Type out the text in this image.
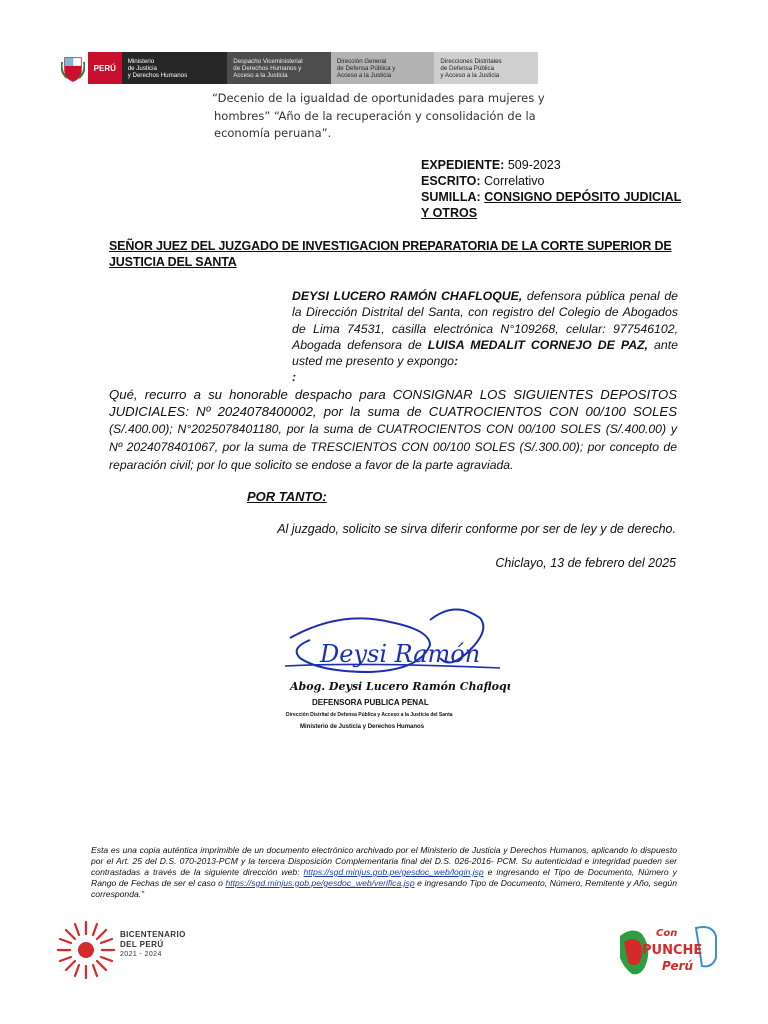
PERÚ
Ministerio
de Justicia
y Derechos Humanos
Despacho Viceministerial
de Derechos Humanos y
Acceso a la Justicia
Dirección General
de Defensa Pública y
Acceso a la Justicia
Direcciones Distritales
de Defensa Pública
y Acceso a la Justicia
“Decenio de la igualdad de oportunidades para mujeres y hombres” “Año de la recuperación y consolidación de la economía peruana”.
EXPEDIENTE: 509-2023
ESCRITO: Correlativo
SUMILLA: CONSIGNO DEPÓSITO JUDICIAL
Y OTROS
SEÑOR JUEZ DEL JUZGADO DE INVESTIGACION PREPARATORIA DE LA CORTE SUPERIOR DE JUSTICIA DEL SANTA
DEYSI LUCERO RAMÓN CHAFLOQUE, defensora pública penal de la Dirección Distrital del Santa, con registro del Colegio de Abogados de Lima 74531, casilla electrónica N°109268, celular: 977546102, Abogada defensora de LUISA MEDALIT CORNEJO DE PAZ, ante usted me presento y expongo:
:
Qué, recurro a su honorable despacho para CONSIGNAR LOS SIGUIENTES DEPOSITOS JUDICIALES: Nº 2024078400002, por la suma de CUATROCIENTOS CON 00/100 SOLES (S/.400.00); N°2025078401180, por la suma de CUATROCIENTOS CON 00/100 SOLES (S/.400.00) y Nº 2024078401067, por la suma de TRESCIENTOS CON 00/100 SOLES (S/.300.00); por concepto de reparación civil; por lo que solicito se endose a favor de la parte agraviada.
POR TANTO:
Al juzgado, solicito se sirva diferir conforme por ser de ley y de derecho.
Chiclayo, 13 de febrero del 2025
Deysi Ramón
Abog. Deysi Lucero Ramón Chafloque
DEFENSORA PUBLICA PENAL
Dirección Distrital de Defensa Pública y Acceso a la Justicia del Santa
Ministerio de Justicia y Derechos Humanos
Esta es una copia auténtica imprimible de un documento electrónico archivado por el Ministerio de Justicia y Derechos Humanos, aplicando lo dispuesto por el Art. 25 del D.S. 070-2013-PCM y la tercera Disposición Complementaria final del D.S. 026-2016- PCM. Su autenticidad e integridad pueden ser contrastadas a través de la siguiente dirección web: https://sgd.minjus.gob.pe/gesdoc_web/login.jsp e ingresando el Tipo de Documento, Número y Rango de Fechas de ser el caso o https://sgd.minjus.gob.pe/gesdoc_web/verifica.jsp e ingresando Tipo de Documento, Número, Remitente y Año, según corresponda.”
BICENTENARIO
DEL PERÚ
2021 - 2024
Con
PUNCHE
Perú
